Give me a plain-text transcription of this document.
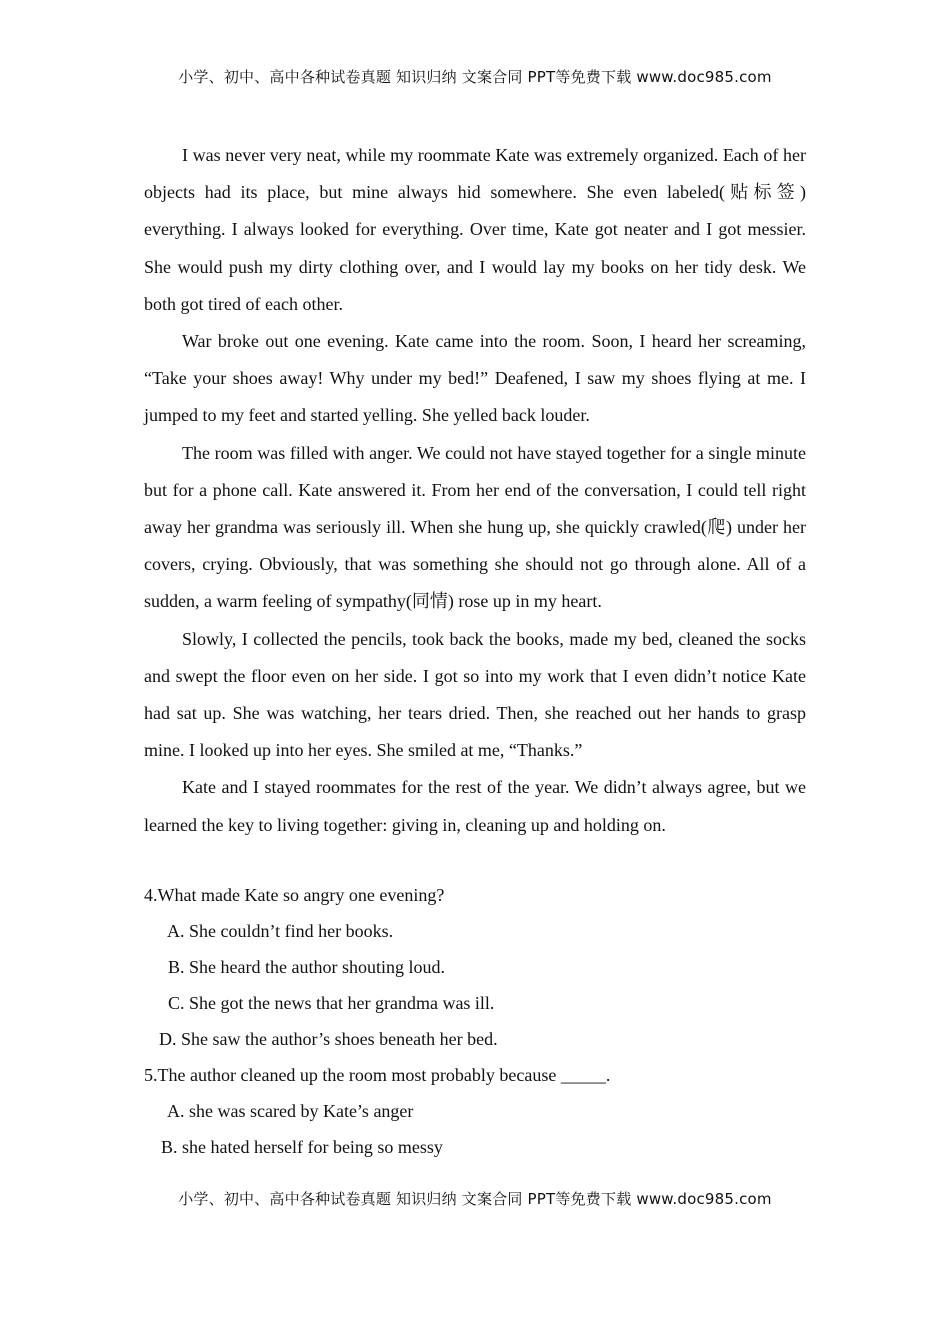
小学、初中、高中各种试卷真题 知识归纳 文案合同 PPT等免费下载 www.doc985.com

I was never very neat, while my roommate Kate was extremely organized. Each of her objects had its place, but mine always hid somewhere. She even labeled(贴标签) everything. I always looked for everything. Over time, Kate got neater and I got messier. She would push my dirty clothing over, and I would lay my books on her tidy desk. We both got tired of each other.

War broke out one evening. Kate came into the room. Soon, I heard her screaming, “Take your shoes away! Why under my bed!” Deafened, I saw my shoes flying at me. I jumped to my feet and started yelling. She yelled back louder.

The room was filled with anger. We could not have stayed together for a single minute but for a phone call. Kate answered it. From her end of the conversation, I could tell right away her grandma was seriously ill. When she hung up, she quickly crawled(爬) under her covers, crying. Obviously, that was something she should not go through alone. All of a sudden, a warm feeling of sympathy(同情) rose up in my heart.

Slowly, I collected the pencils, took back the books, made my bed, cleaned the socks and swept the floor even on her side. I got so into my work that I even didn’t notice Kate had sat up. She was watching, her tears dried. Then, she reached out her hands to grasp mine. I looked up into her eyes. She smiled at me, “Thanks.”

Kate and I stayed roommates for the rest of the year. We didn’t always agree, but we learned the key to living together: giving in, cleaning up and holding on.

4.What made Kate so angry one evening?
A. She couldn’t find her books.
B. She heard the author shouting loud.
C. She got the news that her grandma was ill.
D. She saw the author’s shoes beneath her bed.
5.The author cleaned up the room most probably because _____.
A. she was scared by Kate’s anger
B. she hated herself for being so messy
小学、初中、高中各种试卷真题 知识归纳 文案合同 PPT等免费下载 www.doc985.com
